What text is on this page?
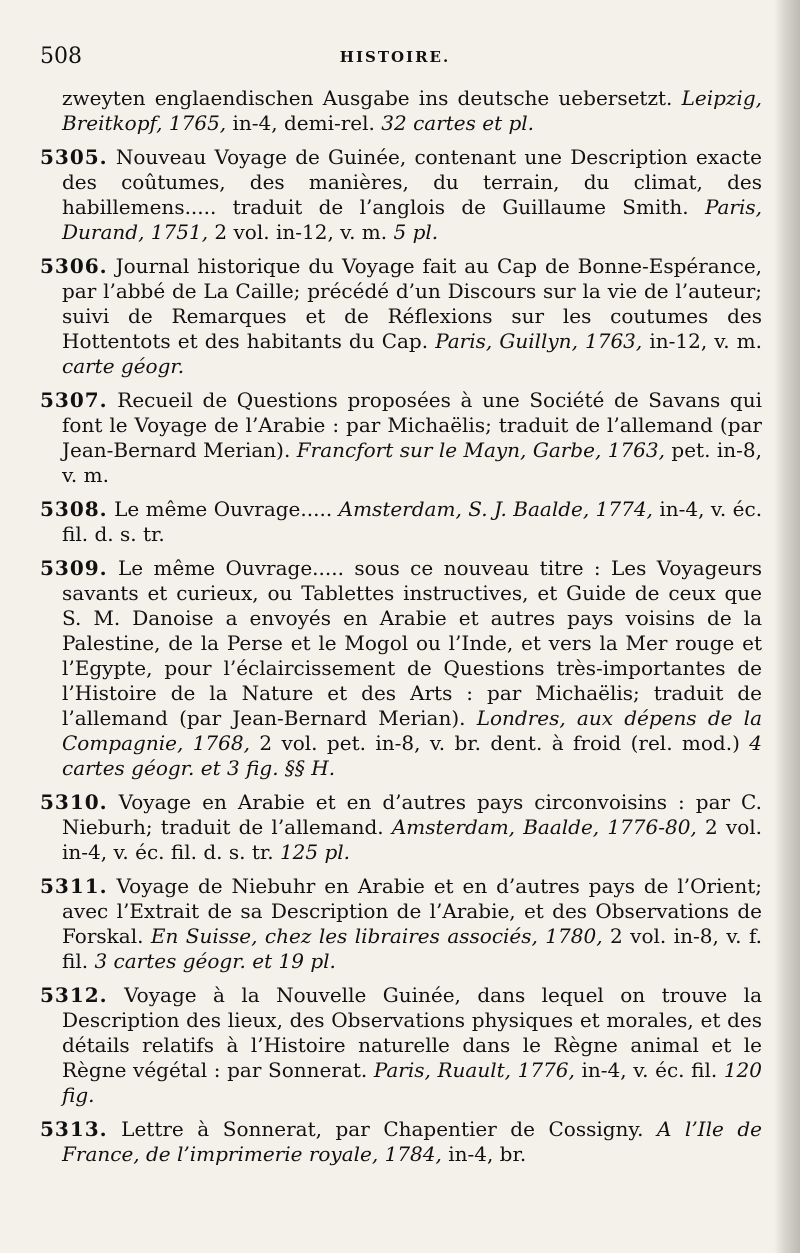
508	HISTOIRE.

zweyten englaendischen Ausgabe ins deutsche uebersetzt. Leipzig, Breitkopf, 1765, in-4, demi-rel. 32 cartes et pl.

5305. Nouveau Voyage de Guinée, contenant une Description exacte des coûtumes, des manières, du terrain, du climat, des habillemens..... traduit de l’anglois de Guillaume Smith. Paris, Durand, 1751, 2 vol. in-12, v. m. 5 pl.

5306. Journal historique du Voyage fait au Cap de Bonne-Espérance, par l’abbé de La Caille; précédé d’un Discours sur la vie de l’auteur; suivi de Remarques et de Réflexions sur les coutumes des Hottentots et des habitants du Cap. Paris, Guillyn, 1763, in-12, v. m. carte géogr.

5307. Recueil de Questions proposées à une Société de Savans qui font le Voyage de l’Arabie : par Michaëlis; traduit de l’allemand (par Jean-Bernard Merian). Francfort sur le Mayn, Garbe, 1763, pet. in-8, v. m.

5308. Le même Ouvrage..... Amsterdam, S. J. Baalde, 1774, in-4, v. éc. fil. d. s. tr.

5309. Le même Ouvrage..... sous ce nouveau titre : Les Voyageurs savants et curieux, ou Tablettes instructives, et Guide de ceux que S. M. Danoise a envoyés en Arabie et autres pays voisins de la Palestine, de la Perse et le Mogol ou l’Inde, et vers la Mer rouge et l’Egypte, pour l’éclaircissement de Questions très-importantes de l’Histoire de la Nature et des Arts : par Michaëlis; traduit de l’allemand (par Jean-Bernard Merian). Londres, aux dépens de la Compagnie, 1768, 2 vol. pet. in-8, v. br. dent. à froid (rel. mod.) 4 cartes géogr. et 3 fig. §§ H.

5310. Voyage en Arabie et en d’autres pays circonvoisins : par C. Nieburh; traduit de l’allemand. Amsterdam, Baalde, 1776-80, 2 vol. in-4, v. éc. fil. d. s. tr. 125 pl.

5311. Voyage de Niebuhr en Arabie et en d’autres pays de l’Orient; avec l’Extrait de sa Description de l’Arabie, et des Observations de Forskal. En Suisse, chez les libraires associés, 1780, 2 vol. in-8, v. f. fil. 3 cartes géogr. et 19 pl.

5312. Voyage à la Nouvelle Guinée, dans lequel on trouve la Description des lieux, des Observations physiques et morales, et des détails relatifs à l’Histoire naturelle dans le Règne animal et le Règne végétal : par Sonnerat. Paris, Ruault, 1776, in-4, v. éc. fil. 120 fig.

5313. Lettre à Sonnerat, par Chapentier de Cossigny. A l’Ile de France, de l’imprimerie royale, 1784, in-4, br.
